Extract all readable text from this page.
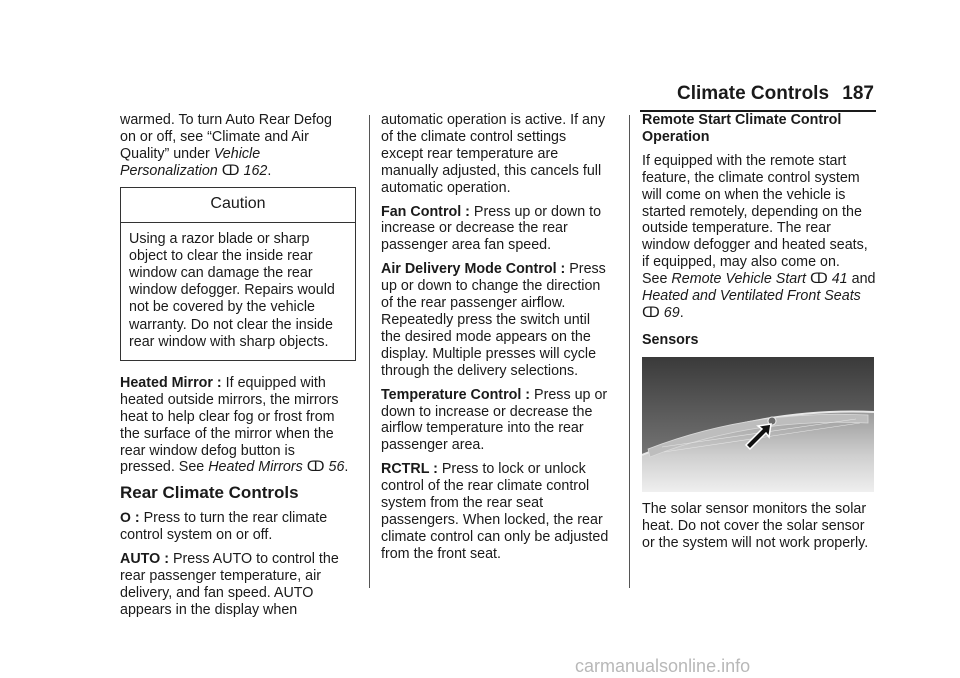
Climate Controls 187

warmed. To turn Auto Rear Defog
on or off, see “Climate and Air
Quality” under Vehicle
Personalization ↀ 162.

Caution
Using a razor blade or sharp
object to clear the inside rear
window can damage the rear
window defogger. Repairs would
not be covered by the vehicle
warranty. Do not clear the inside
rear window with sharp objects.

Heated Mirror : If equipped with
heated outside mirrors, the mirrors
heat to help clear fog or frost from
the surface of the mirror when the
rear window defog button is
pressed. See Heated Mirrors ↀ 56.

Rear Climate Controls

O : Press to turn the rear climate
control system on or off.

AUTO : Press AUTO to control the
rear passenger temperature, air
delivery, and fan speed. AUTO
appears in the display when

automatic operation is active. If any
of the climate control settings
except rear temperature are
manually adjusted, this cancels full
automatic operation.

Fan Control : Press up or down to
increase or decrease the rear
passenger area fan speed.

Air Delivery Mode Control : Press
up or down to change the direction
of the rear passenger airflow.
Repeatedly press the switch until
the desired mode appears on the
display. Multiple presses will cycle
through the delivery selections.

Temperature Control : Press up or
down to increase or decrease the
airflow temperature into the rear
passenger area.

RCTRL : Press to lock or unlock
control of the rear climate control
system from the rear seat
passengers. When locked, the rear
climate control can only be adjusted
from the front seat.

Remote Start Climate Control
Operation

If equipped with the remote start
feature, the climate control system
will come on when the vehicle is
started remotely, depending on the
outside temperature. The rear
window defogger and heated seats,
if equipped, may also come on.
See Remote Vehicle Start ↀ 41 and
Heated and Ventilated Front Seats
ↀ 69.

Sensors

The solar sensor monitors the solar
heat. Do not cover the solar sensor
or the system will not work properly.

carmanualsonline.info
